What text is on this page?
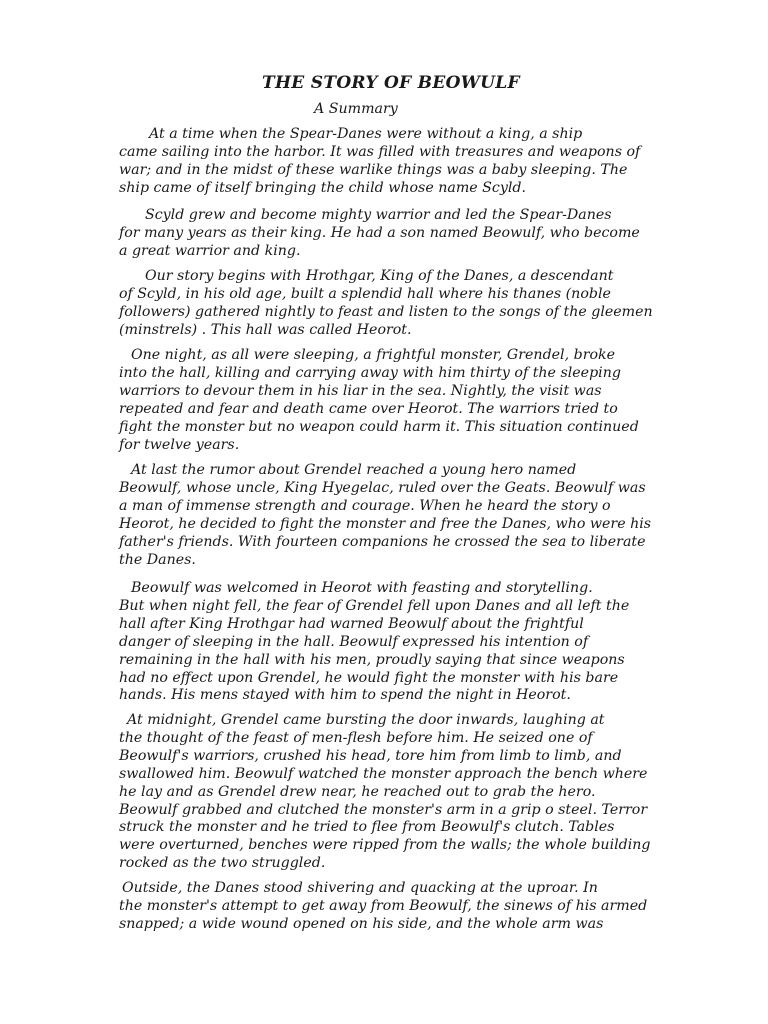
THE STORY OF BEOWULF
A Summary

At a time when the Spear-Danes were without a king, a ship
came sailing into the harbor. It was filled with treasures and weapons of
war; and in the midst of these warlike things was a baby sleeping. The
ship came of itself bringing the child whose name Scyld.

Scyld grew and become mighty warrior and led the Spear-Danes
for many years as their king. He had a son named Beowulf, who become
a great warrior and king.

Our story begins with Hrothgar, King of the Danes, a descendant
of Scyld, in his old age, built a splendid hall where his thanes (noble
followers) gathered nightly to feast and listen to the songs of the gleemen
(minstrels) . This hall was called Heorot.

One night, as all were sleeping, a frightful monster, Grendel, broke
into the hall, killing and carrying away with him thirty of the sleeping
warriors to devour them in his liar in the sea. Nightly, the visit was
repeated and fear and death came over Heorot. The warriors tried to
fight the monster but no weapon could harm it. This situation continued
for twelve years.

At last the rumor about Grendel reached a young hero named
Beowulf, whose uncle, King Hyegelac, ruled over the Geats. Beowulf was
a man of immense strength and courage. When he heard the story o
Heorot, he decided to fight the monster and free the Danes, who were his
father's friends. With fourteen companions he crossed the sea to liberate
the Danes.

Beowulf was welcomed in Heorot with feasting and storytelling.
But when night fell, the fear of Grendel fell upon Danes and all left the
hall after King Hrothgar had warned Beowulf about the frightful
danger of sleeping in the hall. Beowulf expressed his intention of
remaining in the hall with his men, proudly saying that since weapons
had no effect upon Grendel, he would fight the monster with his bare
hands. His mens stayed with him to spend the night in Heorot.

At midnight, Grendel came bursting the door inwards, laughing at
the thought of the feast of men-flesh before him. He seized one of
Beowulf's warriors, crushed his head, tore him from limb to limb, and
swallowed him. Beowulf watched the monster approach the bench where
he lay and as Grendel drew near, he reached out to grab the hero.
Beowulf grabbed and clutched the monster's arm in a grip o steel. Terror
struck the monster and he tried to flee from Beowulf's clutch. Tables
were overturned, benches were ripped from the walls; the whole building
rocked as the two struggled.

Outside, the Danes stood shivering and quacking at the uproar. In
the monster's attempt to get away from Beowulf, the sinews of his armed
snapped; a wide wound opened on his side, and the whole arm was
